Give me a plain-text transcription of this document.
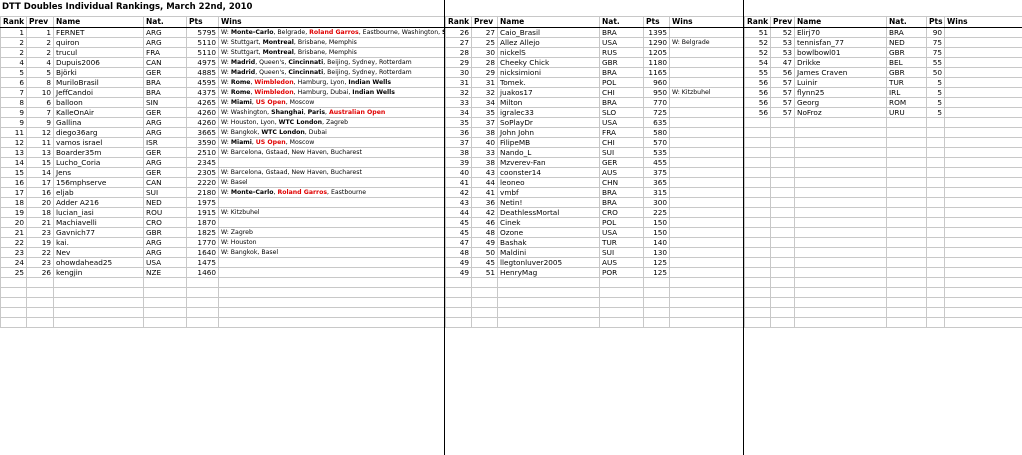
DTT Doubles Individual Rankings, March 22nd, 2010
Rank	Prev	Name	Nat.	Pts	Wins
1	1	FERNET	ARG	5795	W: Monte-Carlo, Belgrade, Roland Garros, Eastbourne, Washington,
2	2	quiron	ARG	5110	W: Stuttgart, Montreal, Brisbane, Memphis
2	2	trucul	FRA	5110	W: Stuttgart, Montreal, Brisbane, Memphis
4	4	Dupuis2006	CAN	4975	W: Madrid, Queen's, Cincinnati, Beijing, Sydney, Rotterdam
5	5	Björki	GER	4885	W: Madrid, Queen's, Cincinnati, Beijing, Sydney, Rotterdam
6	8	MuriloBrasil	BRA	4595	W: Rome, Wimbledon, Hamburg, Lyon, Indian Wells
7	10	JeffCandoi	BRA	4375	W: Rome, Wimbledon, Hamburg, Dubai, Indian Wells
8	6	balloon	SIN	4265	W: Miami, US Open, Moscow
9	7	KalleOnAir	GER	4260	W: Washington, Shanghai, Paris, Australian Open
9	9	Gallina	ARG	4260	W: Houston, Lyon, WTC London, Zagreb
11	12	diego36arg	ARG	3665	W: Bangkok, WTC London, Dubai
12	11	vamos israel	ISR	3590	W: Miami, US Open, Moscow
13	13	Boarder35m	GER	2510	W: Barcelona, Gstaad, New Haven, Bucharest
14	15	Lucho_Coria	ARG	2345	
15	14	Jens	GER	2305	W: Barcelona, Gstaad, New Haven, Bucharest
16	17	156mphserve	CAN	2220	W: Basel
17	16	eljab	SUI	2180	W: Monte-Carlo, Roland Garros, Eastbourne
18	20	Adder A216	NED	1975	
19	18	lucian_iasi	ROU	1915	W: Kitzbuhel
20	21	Machiavelli	CRO	1870	
21	23	Gavnich77	GBR	1825	W: Zagreb
22	19	kai.	ARG	1770	W: Houston
23	22	Nev	ARG	1640	W: Bangkok, Basel
24	23	ohowdahead25	USA	1475	
25	26	kengjin	NZE	1460	

Rank	Prev	Name	Nat.	Pts	Wins
26	27	Caio_Brasil	BRA	1395	
27	25	Allez Allejo	USA	1290	W: Belgrade
28	30	nickelS	RUS	1205	
29	28	Cheeky Chick	GBR	1180	
30	29	nicksimioni	BRA	1165	
31	31	Tomek.	POL	960	
32	32	juakos17	CHI	950	W: Kitzbuhel
33	34	Milton	BRA	770	
34	35	igralec33	SLO	725	
35	37	SoPlayDr	USA	635	
36	38	John John	FRA	580	
37	40	FilipeMB	CHI	570	
38	33	Nando_L	SUI	535	
39	38	Mzverev-Fan	GER	455	
40	43	coonster14	AUS	375	
41	44	leoneo	CHN	365	
42	41	vmbf	BRA	315	
43	36	Netin!	BRA	300	
44	42	DeathlessMortal	CRO	225	
45	46	Cinek	POL	150	
45	48	Ozone	USA	150	
47	49	Bashak	TUR	140	
48	50	Maldini	SUI	130	
49	45	llegtonluver2005	AUS	125	
49	51	HenryMag	POR	125	

Rank	Prev	Name	Nat.	Pts	Wins
51	52	Elirj70	BRA	90	
52	53	tennisfan_77	NED	75	
52	53	bowlbowl01	GBR	75	
54	47	Drikke	BEL	55	
55	56	James Craven	GBR	50	
56	57	Luinir	TUR	5	
56	57	flynn25	IRL	5	
56	57	Georg	ROM	5	
56	57	NoFroz	URU	5	
